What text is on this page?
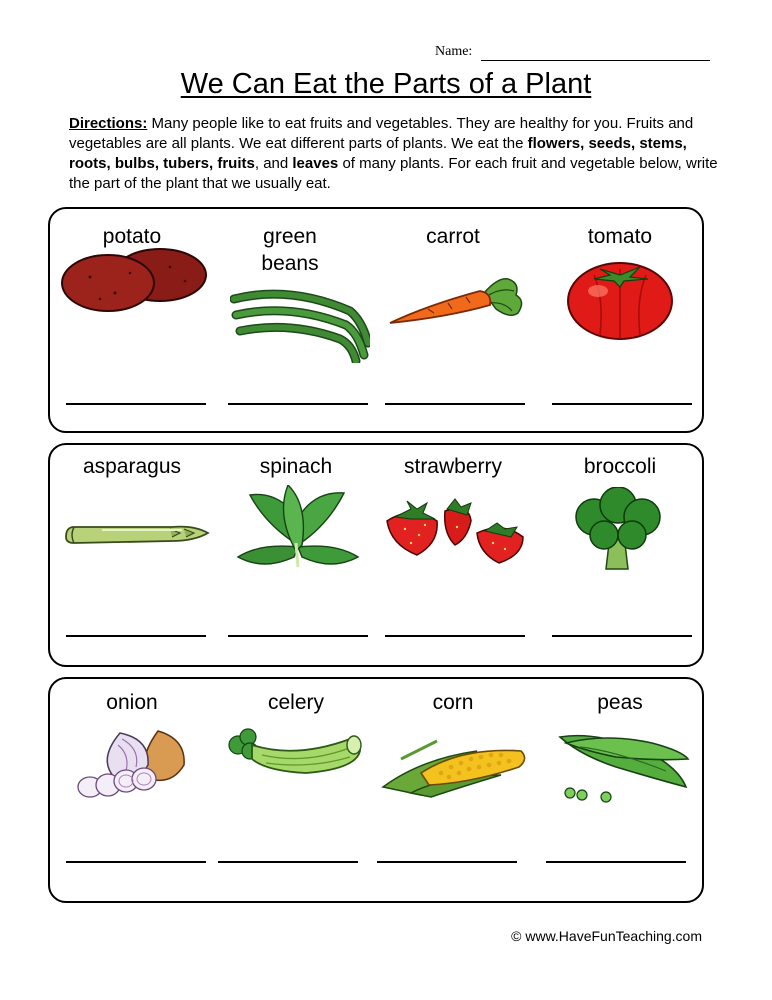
Name:
We Can Eat the Parts of a Plant
Directions: Many people like to eat fruits and vegetables. They are healthy for you. Fruits and vegetables are all plants. We eat different parts of plants. We eat the flowers, seeds, stems, roots, bulbs, tubers, fruits, and leaves of many plants. For each fruit and vegetable below, write the part of the plant that we usually eat.
potato	green beans
carrot	tomato
asparagus	spinach	strawberry	broccoli
onion	celery	corn	peas
© www.HaveFunTeaching.com
